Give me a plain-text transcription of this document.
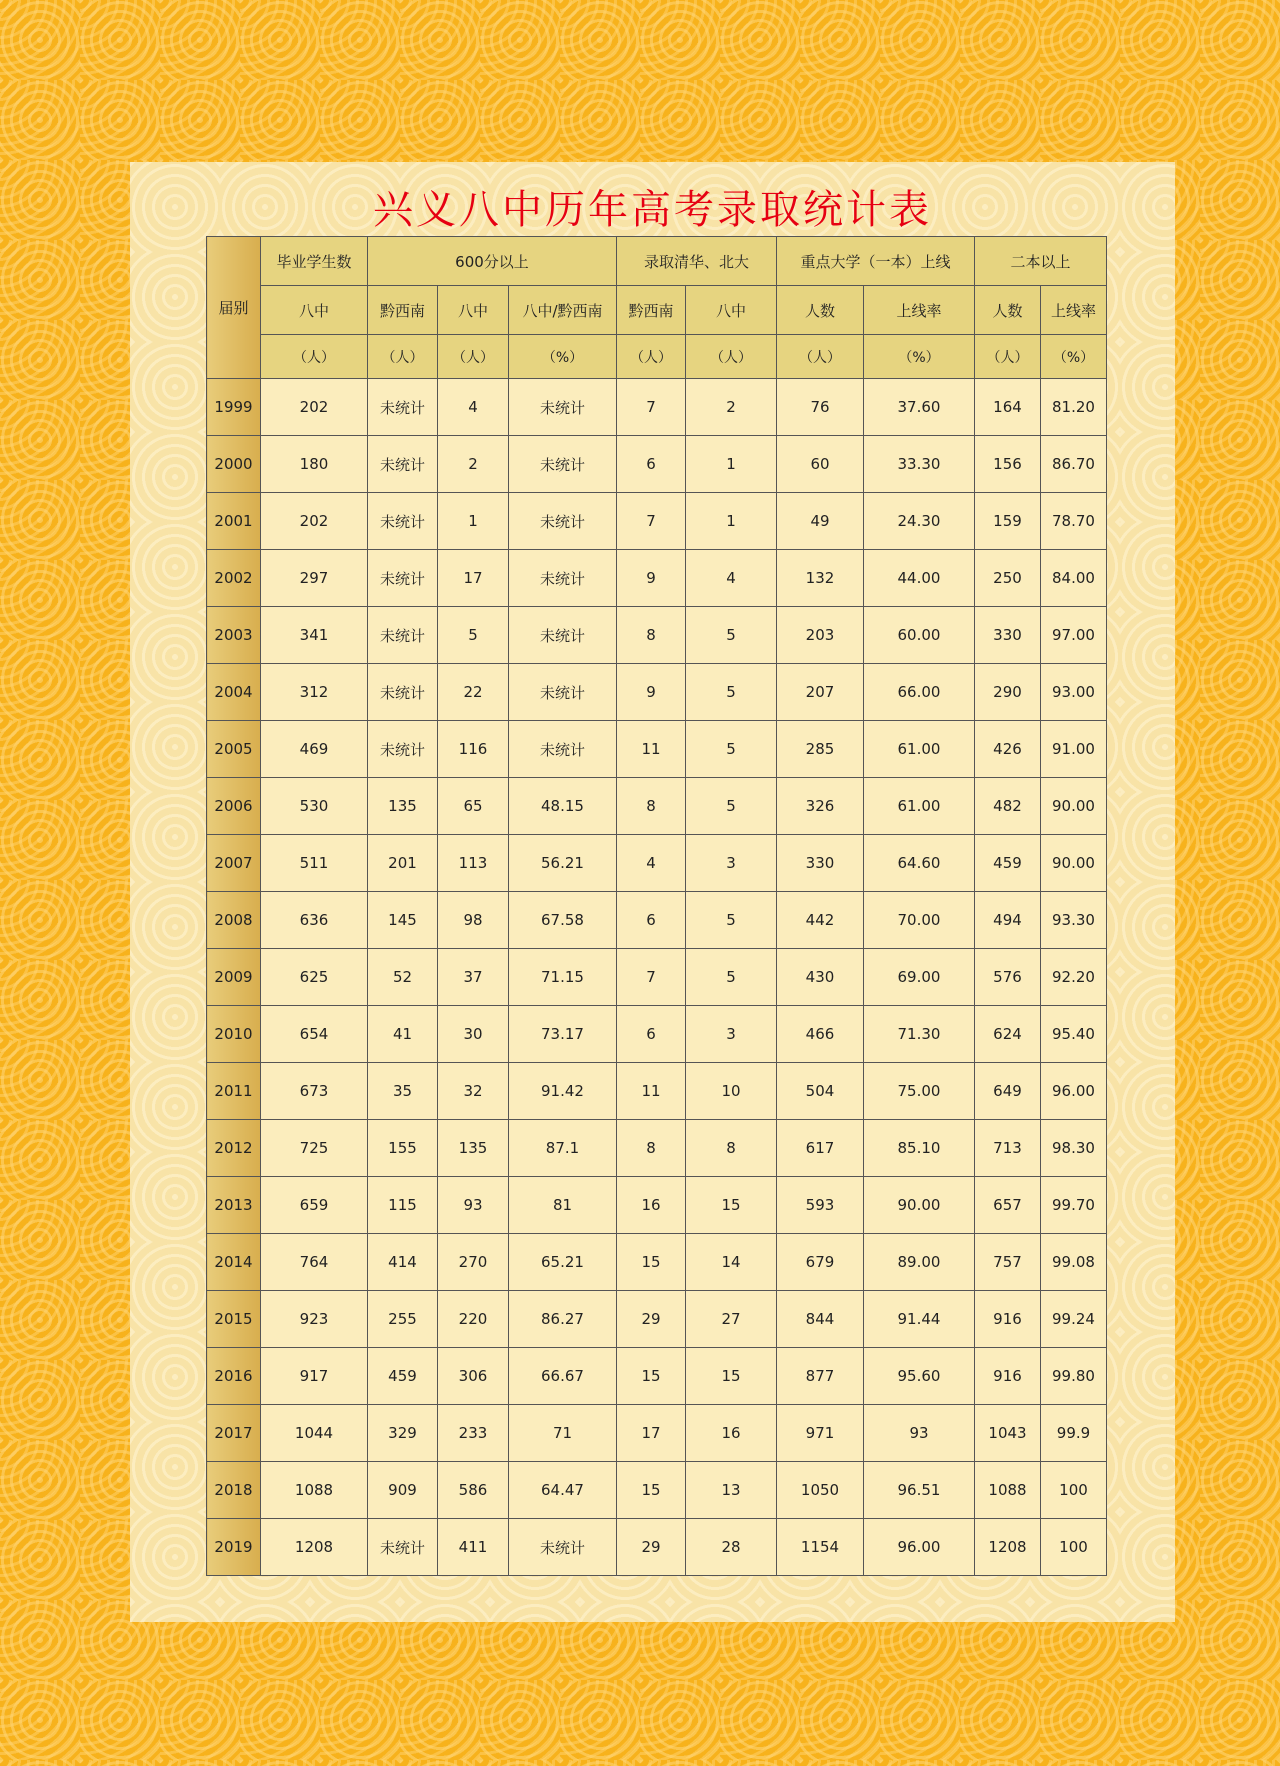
兴义八中历年高考录取统计表
届别	毕业学生数	600分以上			录取清华、北大		重点大学（一本）上线		二本以上	
	八中	黔西南	八中	八中/黔西南	黔西南	八中	人数	上线率	人数	上线率
	（人）	（人）	（人）	（%）	（人）	（人）	（人）	（%）	（人）	（%）
1999	202	未统计	4	未统计	7	2	76	37.60	164	81.20
2000	180	未统计	2	未统计	6	1	60	33.30	156	86.70
2001	202	未统计	1	未统计	7	1	49	24.30	159	78.70
2002	297	未统计	17	未统计	9	4	132	44.00	250	84.00
2003	341	未统计	5	未统计	8	5	203	60.00	330	97.00
2004	312	未统计	22	未统计	9	5	207	66.00	290	93.00
2005	469	未统计	116	未统计	11	5	285	61.00	426	91.00
2006	530	135	65	48.15	8	5	326	61.00	482	90.00
2007	511	201	113	56.21	4	3	330	64.60	459	90.00
2008	636	145	98	67.58	6	5	442	70.00	494	93.30
2009	625	52	37	71.15	7	5	430	69.00	576	92.20
2010	654	41	30	73.17	6	3	466	71.30	624	95.40
2011	673	35	32	91.42	11	10	504	75.00	649	96.00
2012	725	155	135	87.1	8	8	617	85.10	713	98.30
2013	659	115	93	81	16	15	593	90.00	657	99.70
2014	764	414	270	65.21	15	14	679	89.00	757	99.08
2015	923	255	220	86.27	29	27	844	91.44	916	99.24
2016	917	459	306	66.67	15	15	877	95.60	916	99.80
2017	1044	329	233	71	17	16	971	93	1043	99.9
2018	1088	909	586	64.47	15	13	1050	96.51	1088	100
2019	1208	未统计	411	未统计	29	28	1154	96.00	1208	100
